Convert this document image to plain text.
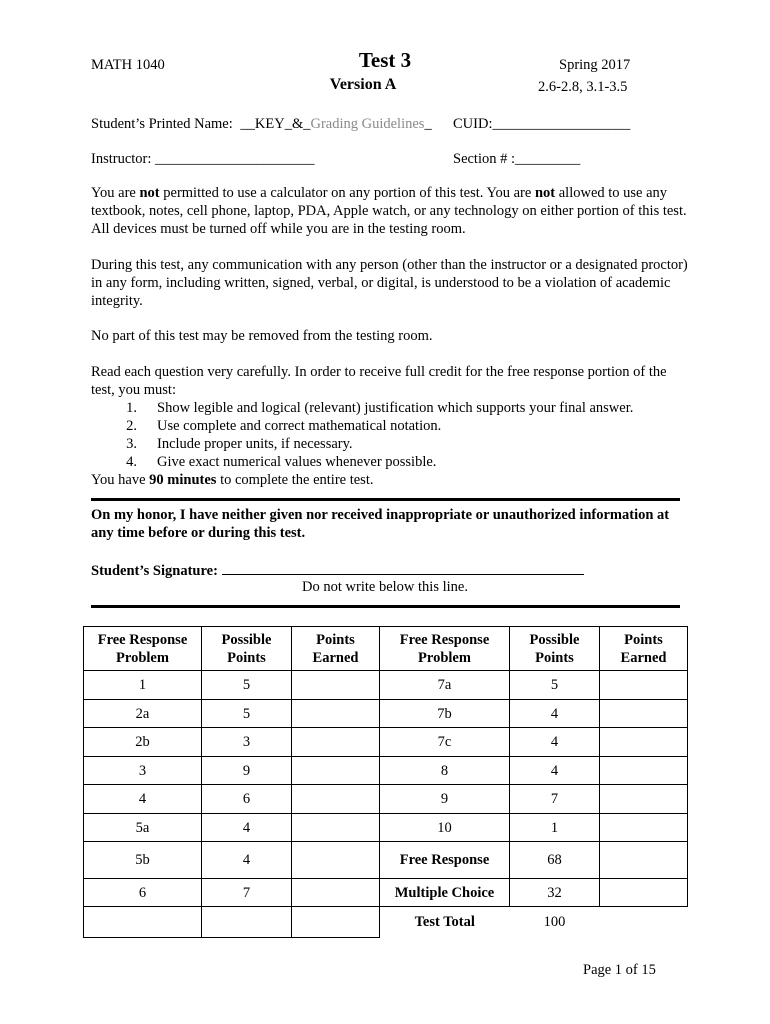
MATH 1040	Test 3
Version A
Spring 2017
2.6-2.8, 3.1-3.5
Student’s Printed Name: __KEY_&_Grading Guidelines_ CUID:___________________
Instructor: ______________________	Section # :_________

You are not permitted to use a calculator on any portion of this test. You are not allowed to use any textbook, notes, cell phone, laptop, PDA, Apple watch, or any technology on either portion of this test. All devices must be turned off while you are in the testing room.

During this test, any communication with any person (other than the instructor or a designated proctor) in any form, including written, signed, verbal, or digital, is understood to be a violation of academic integrity.

No part of this test may be removed from the testing room.

Read each question very carefully. In order to receive full credit for the free response portion of the test, you must:

1. Show legible and logical (relevant) justification which supports your final answer.
2. Use complete and correct mathematical notation.
3. Include proper units, if necessary.
4. Give exact numerical values whenever possible.
You have 90 minutes to complete the entire test.

On my honor, I have neither given nor received inappropriate or unauthorized information at any time before or during this test.

Student’s Signature:
Do not write below this line.
Free Response Problem	Possible Points	Points Earned	Free Response Problem	Possible Points	Points Earned
1	5		7a	5	
2a	5		7b	4	
2b	3		7c	4	
3	9		8	4	
4	6		9	7	
5a	4		10	1	
5b	4		Free Response	68	
6	7		Multiple Choice	32	
			Test Total	100	
Page 1 of 15
